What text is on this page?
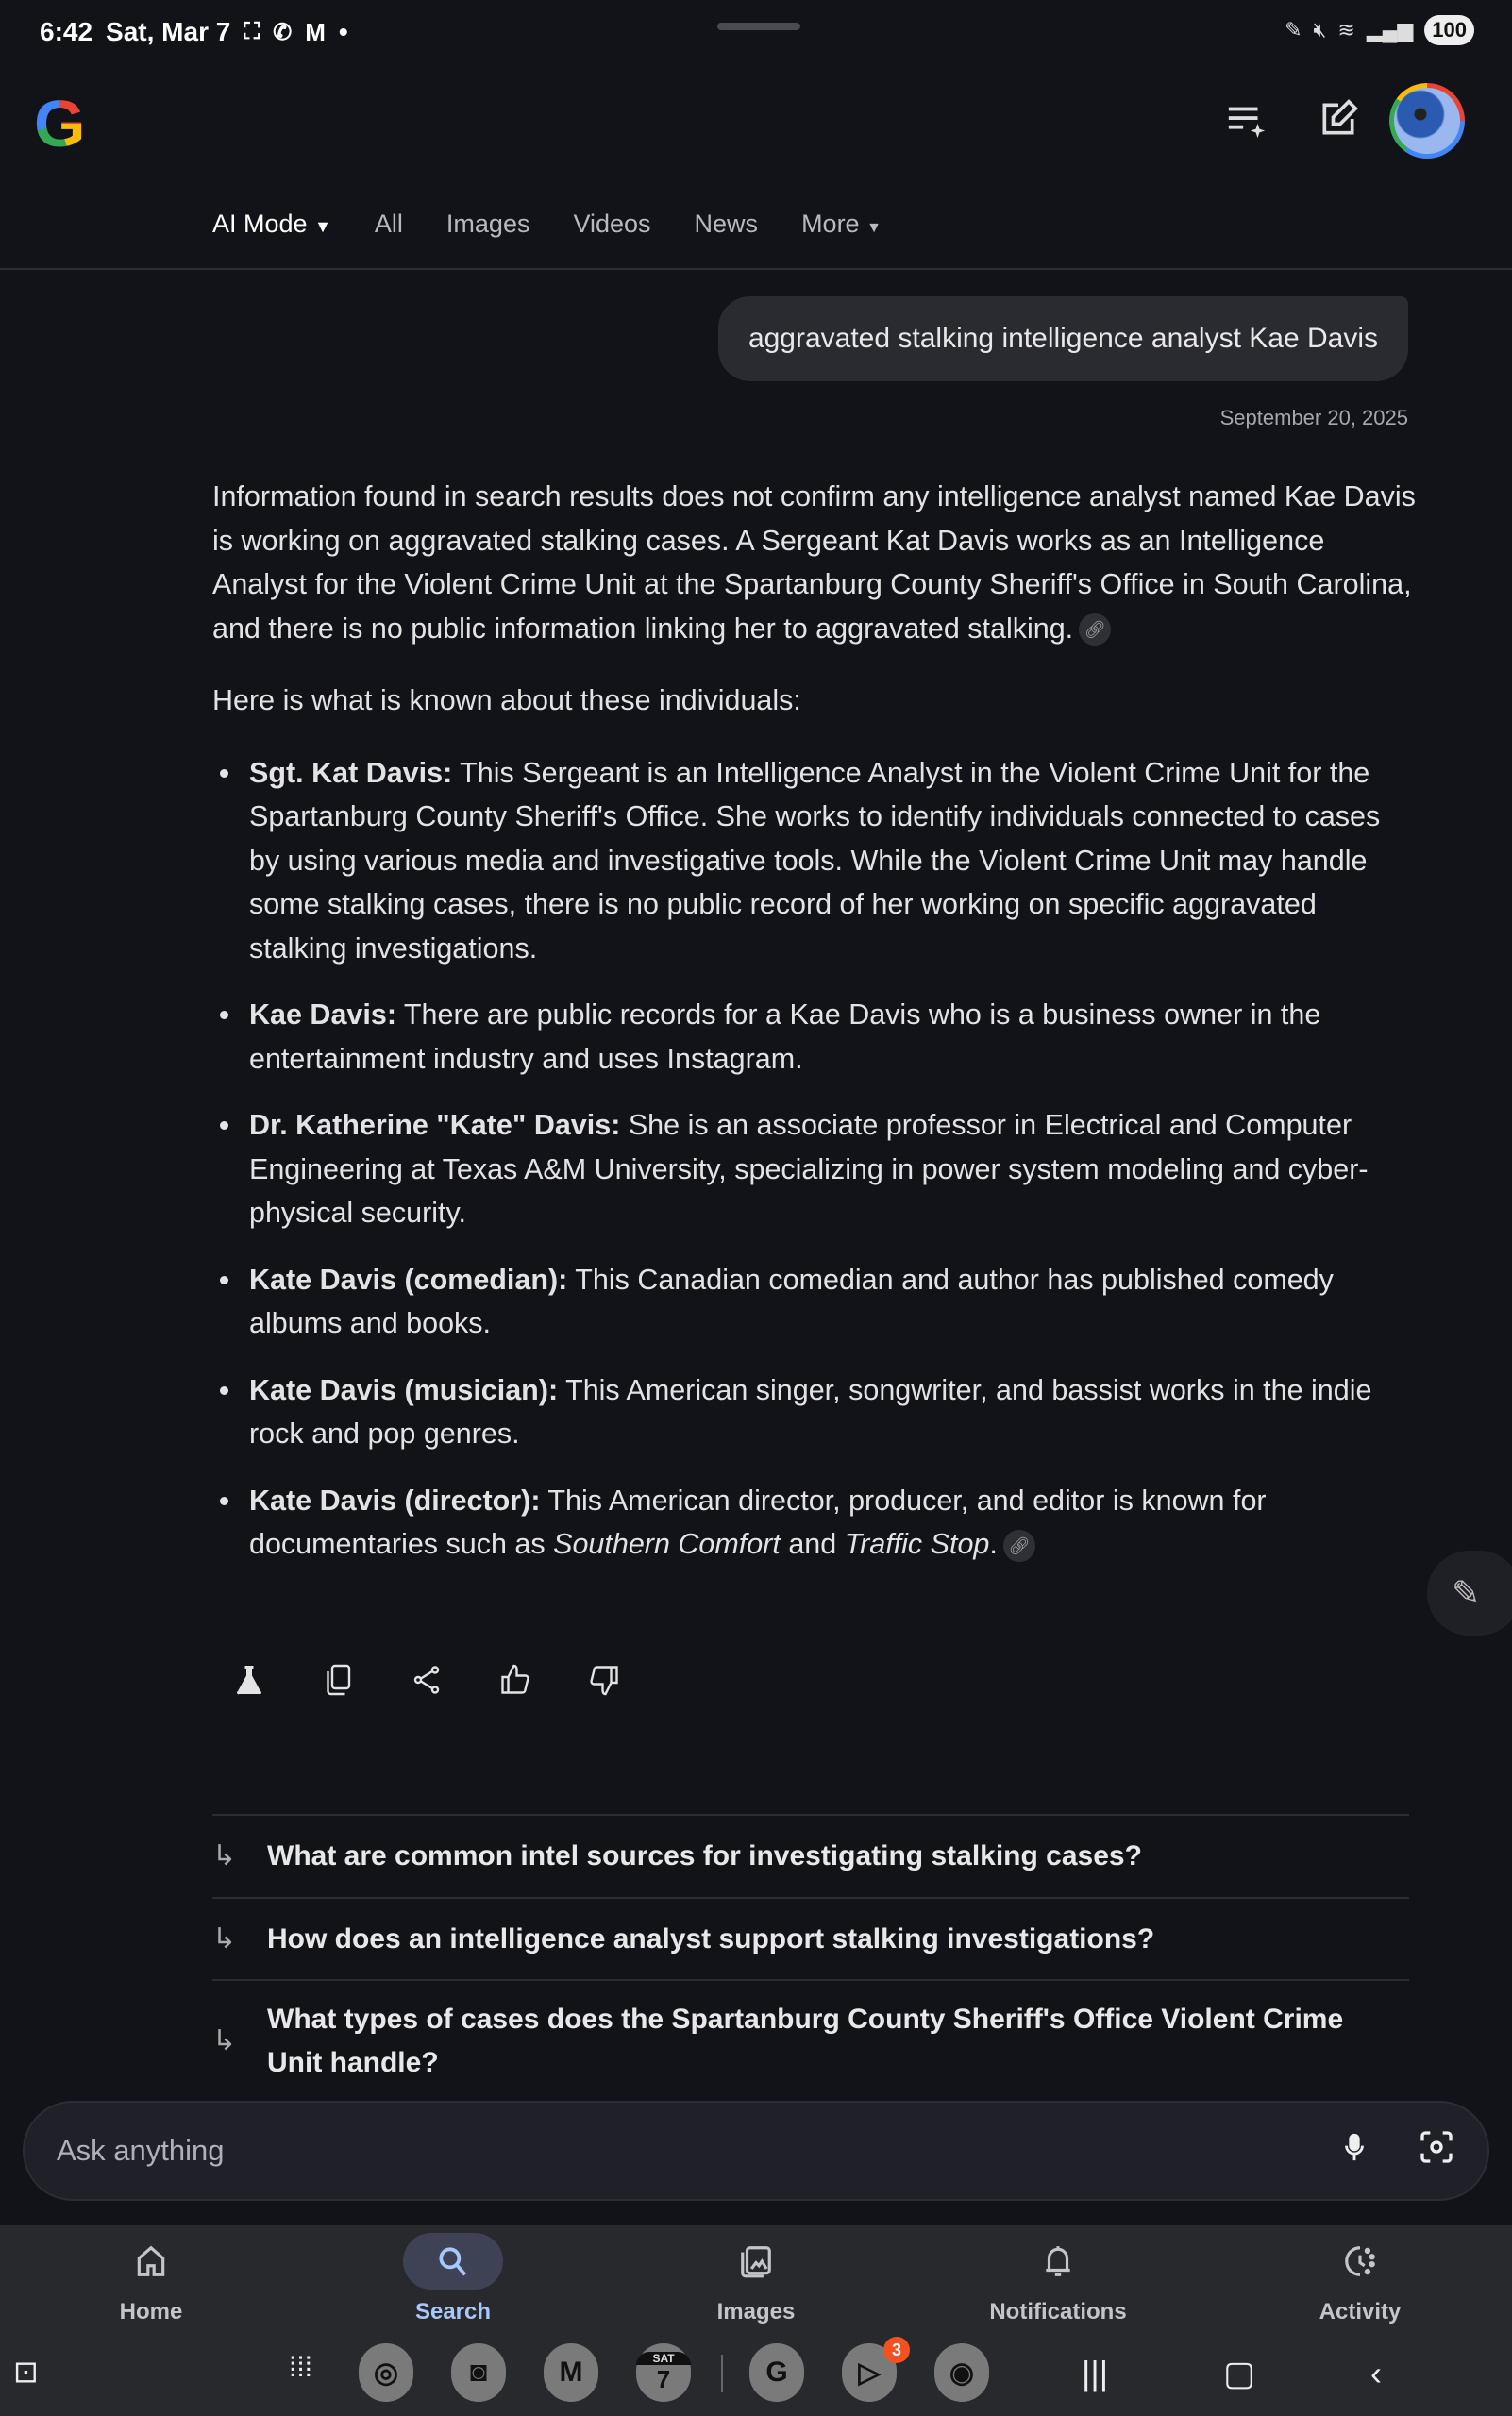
6:42 Sat, Mar 7 ⛶ ✆ M •	✎ 🔇︎ ≋ ▂▄▆ 100
G
AI Mode ▼ All Images Videos News More ▼
aggravated stalking intelligence analyst Kae Davis
September 20, 2025

Information found in search results does not confirm any intelligence analyst named Kae Davis is working on aggravated stalking cases. A Sergeant Kat Davis works as an Intelligence Analyst for the Violent Crime Unit at the Spartanburg County Sheriff's Office in South Carolina, and there is no public information linking her to aggravated stalking. 🔗︎

Here is what is known about these individuals:

Sgt. Kat Davis: This Sergeant is an Intelligence Analyst in the Violent Crime Unit for the Spartanburg County Sheriff's Office. She works to identify individuals connected to cases by using various media and investigative tools. While the Violent Crime Unit may handle some stalking cases, there is no public record of her working on specific aggravated stalking investigations.
Kae Davis: There are public records for a Kae Davis who is a business owner in the entertainment industry and uses Instagram.
Dr. Katherine "Kate" Davis: She is an associate professor in Electrical and Computer Engineering at Texas A&M University, specializing in power system modeling and cyber-physical security.
Kate Davis (comedian): This Canadian comedian and author has published comedy albums and books.
Kate Davis (musician): This American singer, songwriter, and bassist works in the indie rock and pop genres.
Kate Davis (director): This American director, producer, and editor is known for documentaries such as Southern Comfort and Traffic Stop. 🔗︎
✎
↳	What are common intel sources for investigating stalking cases?
↳	How does an intelligence analyst support stalking investigations?
↳
What types of cases does the Spartanburg County Sheriff's Office Violent Crime Unit handle?
Ask anything
Home	Search	Images	Notifications	Activity
⊡	⁞⁞⁞	◎	◙	M	SAT
7	G	▷
3
◉	|||	▢	‹
